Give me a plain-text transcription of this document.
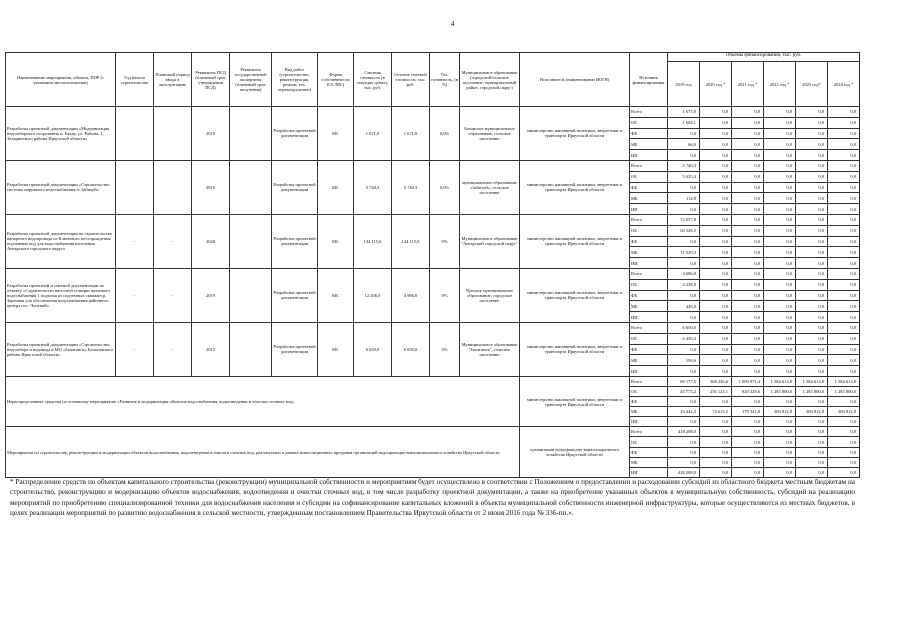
4
Наименование мероприятия, объекта, ППР (с указанием местоположения)	Год начала строительства	Плановый период ввода в эксплуатацию	Реквизиты ПСД (плановый срок утверждения ПСД)	Реквизиты государственной экспертизы (плановый срок получения)	Вид работ (строительство, реконструкция, ремонт, тех. перевооружение)	Форма собственности (ОС/МС)	Сметная стоимость (в текущих ценах), тыс. руб.	Остаток сметной стоимости, тыс. руб.	Тех. готовность, (в %)	Муниципальное образование (городской/сельское поселение, муниципальный район, городской округ)	Исполнитель (наименование ИОГВ)	Источник финансирования	Объемы финансирования, тыс. руб.					
													2019 год	2020 год *	2021 год *	2022 год *	2023 год*	2024 год *
Разработка проектной документации «Модернизация водозаборного сооружения п. Бахар, ул. Рябина, 1, Заларинского района Иркутской области»			2019		Разработка проектной документации	МС	1 671,0	1 671,0	0,0%	Бахарское муниципальное образование, сельское поселение	министерство жилищной политики, энергетики и транспорта Иркутской области	Всего	1 671,0	0,0	0,0	0,0	0,0	0,0
												ОБ	1 604,1	0,0	0,0	0,0	0,0	0,0
												ФБ	0,0	0,0	0,0	0,0	0,0	0,0
												МБ	66,9	0,0	0,0	0,0	0,0	0,0
												ИИ	0,0	0,0	0,0	0,0	0,0	0,0
Разработка проектной документации «Строительство системы наружного водоснабжения п. Забитуй»			2019		Разработка проектной документации	МС	5 740,3	5 740,3	0,0%	муниципальное образование «Забитуй», сельское поселение	министерство жилищной политики, энергетики и транспорта Иркутской области	Всего	5 740,3	0,0	0,0	0,0	0,0	0,0
												ОБ	5 625,4	0,0	0,0	0,0	0,0	0,0
												ФБ	0,0	0,0	0,0	0,0	0,0	0,0
												МБ	114,9	0,0	0,0	0,0	0,0	0,0
												ИИ	0,0	0,0	0,0	0,0	0,0	0,0
Разработка проектной документации на строительство напорного водопровода из Ключевого месторождения подземных вод для водоснабжения населения Ангарского городского округа	-	-	2020		Разработка проектной документации	МС	144 115,6	144 115,6	0%	Муниципальное образование "Ангарский городской округ"	министерство жилищной политики, энергетики и транспорта Иркутской области	Всего	72 057,8	0,0	0,0	0,0	0,0	0,0
												ОБ	60 528,5	0,0	0,0	0,0	0,0	0,0
												ФБ	0,0	0,0	0,0	0,0	0,0	0,0
												МБ	11 529,3	0,0	0,0	0,0	0,0	0,0
												ИИ	0,0	0,0	0,0	0,0	0,0	0,0
Разработка проектной и сметной документации по объекту «Строительство насосной станции питьевого водоснабжения 1 подъема из подземных скважин р. Заречная для обеспечения водоснабжения районного центра пос. Чунский»	-	-	2019		Разработка проектной документации	МС	12 206,0	4 986,0	0%	Чунское муниципальное образование, городское поселение	министерство жилищной политики, энергетики и транспорта Иркутской области	Всего	4 686,0	0,0	0,0	0,0	0,0	0,0
												ОБ	4 238,0	0,0	0,0	0,0	0,0	0,0
												ФБ	0,0	0,0	0,0	0,0	0,0	0,0
												МБ	448,0	0,0	0,0	0,0	0,0	0,0
												ИИ	0,0	0,0	0,0	0,0	0,0	0,0
Разработка проектной документации «Строительство водозабора и водовода в МО «Балаганск» Балаганского района Иркутской области»	-	-	2015		Разработка проектной документации	МС	6 650,0	6 650,0	0%	Муниципальное образование "Балаганск", сельское поселение	министерство жилищной политики, энергетики и транспорта Иркутской области	Всего	6 650,0	0,0	0,0	0,0	0,0	0,0
												ОБ	6 450,4	0,0	0,0	0,0	0,0	0,0
												ФБ	0,0	0,0	0,0	0,0	0,0	0,0
												МБ	199,6	0,0	0,0	0,0	0,0	0,0
												ИИ	0,0	0,0	0,0	0,0	0,0	0,0
Нераспределенные средства по основному мероприятию «Развитие и модернизация объектов водоснабжения, водоотведения и очистки сточных вод»											министерство жилищной политики, энергетики и транспорта Иркутской области	Всего	69 177,5	368 236,6	1 009 971,4	1 584 612,8	1 584 612,8	1 584 612,8
												ОБ	45 773,2	256 121,1	829 329,6	1 283 800,0	1 283 800,0	1 283 800,0
												ФБ	0,0	0,0	0,0	0,0	0,0	0,0
												МБ	23 444,3	74 615,5	179 341,8	300 812,8	300 812,8	300 812,8
												ИИ	0,0	0,0	0,0	0,0	0,0	0,0
Мероприятия по строительству, реконструкции и модернизации объектов водоснабжения, водоотведения и очистки сточных вод, реализуемых в рамках инвестиционных программ организаций водопроводно-канализационного хозяйства Иркутской области											организации водопроводно-канализационного хозяйства Иркутской области	Всего	418 208,0	0,0	0,0	0,0	0,0	0,0
												ОБ	0,0	0,0	0,0	0,0	0,0	0,0
												ФБ	0,0	0,0	0,0	0,0	0,0	0,0
												МБ	0,0	0,0	0,0	0,0	0,0	0,0
												ИИ	418 208,0	0,0	0,0	0,0	0,0	0,0
* Распределение средств по объектам капитального строительства (реконструкции) муниципальной собственности и мероприятиям будет осуществлено в соответствии с Положением о предоставлении и расходовании субсидий из областного бюджета местным бюджетам на строительство, реконструкцию и модернизацию объектов водоснабжения, водоотведения и очистки сточных вод, в том числе разработку проектной документации, а также на приобретение указанных объектов в муниципальную собственность, субсидий на реализацию мероприятий по приобретению специализированной техники для водоснабжения населения и субсидии на софинансирование капитальных вложений в объекты муниципальной собственности инженерной инфраструктуры, которые осуществляются из местных бюджетов, в целях реализации мероприятий по развитию водоснабжения в сельской местности, утвержденным постановлением Правительства Иркутской области от 2 июня 2016 года № 336-пп.».
